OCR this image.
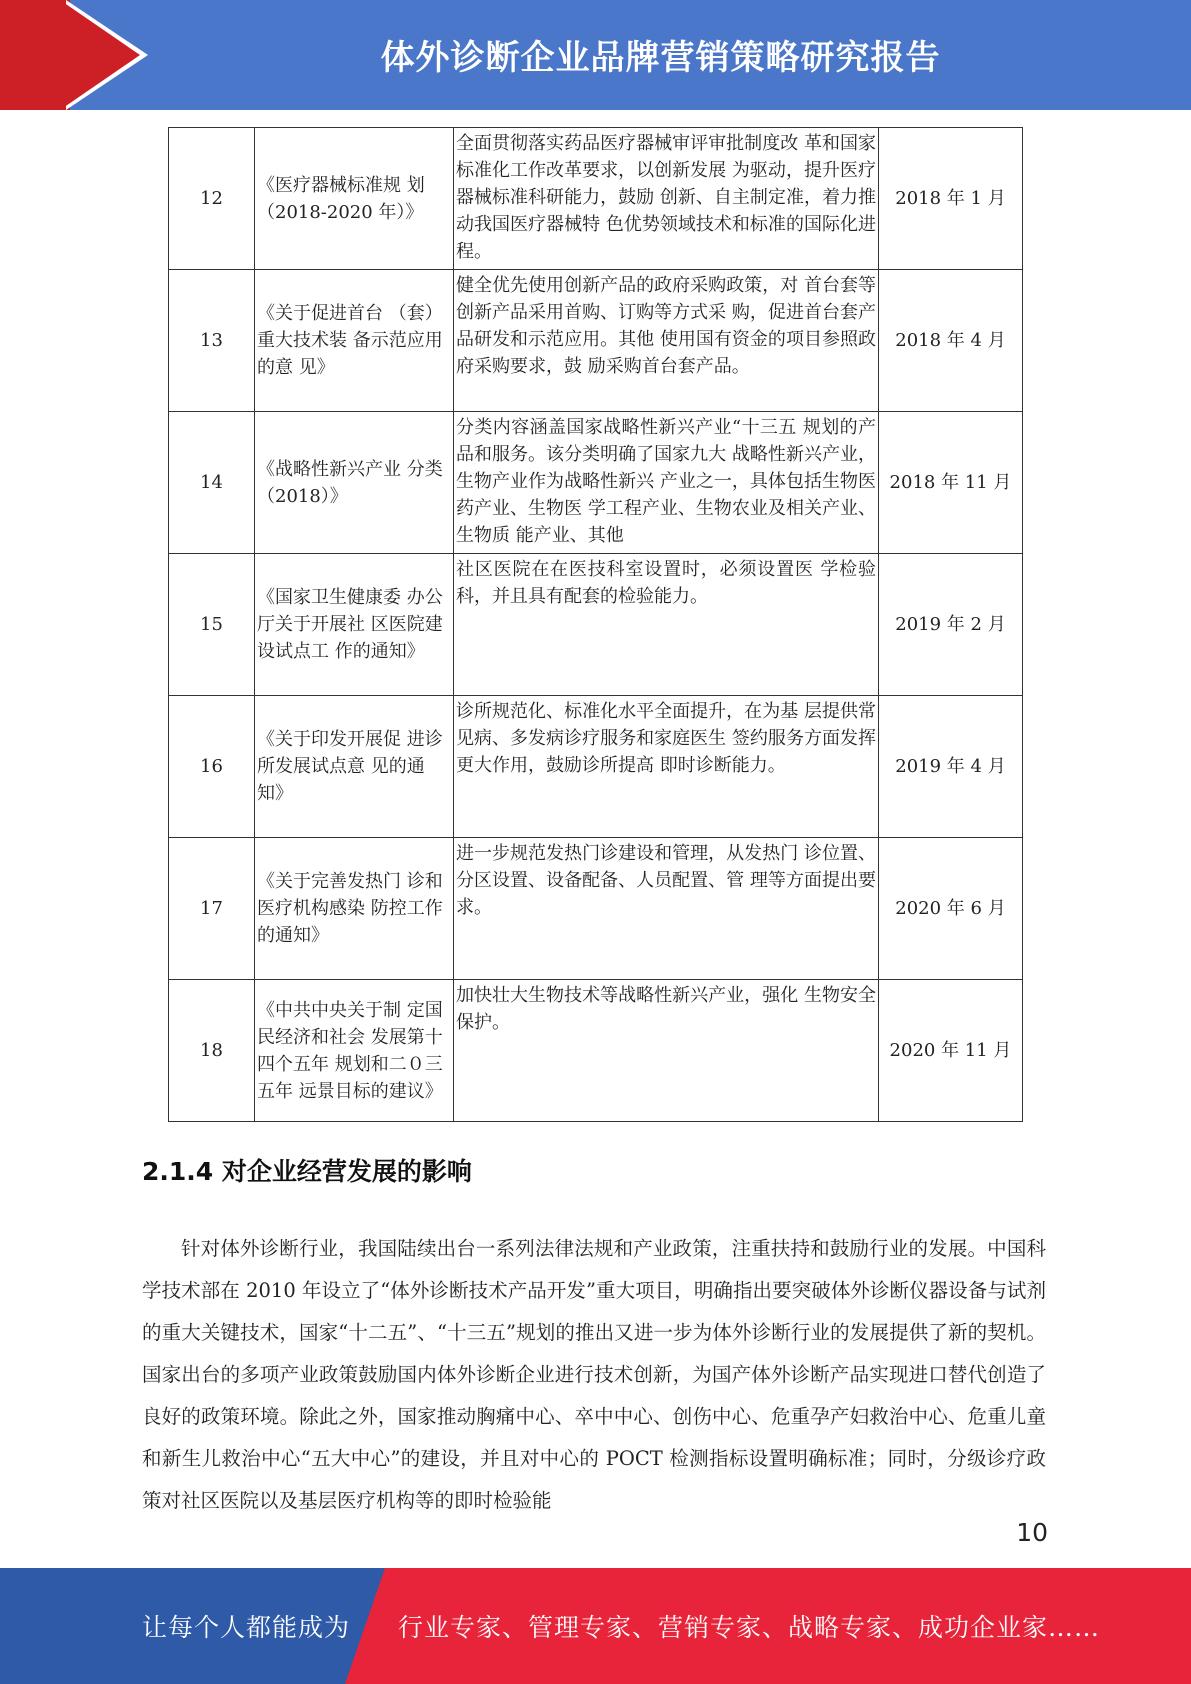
体外诊断企业品牌营销策略研究报告
12	《医疗器械标准规 划（2018-2020 年）》	全面贯彻落实药品医疗器械审评审批制度改 革和国家标准化工作改革要求，以创新发展 为驱动，提升医疗器械标准科研能力，鼓励 创新、自主制定准，着力推动我国医疗器械特 色优势领域技术和标准的国际化进程。	2018 年 1 月
13	《关于促进首台 （套）重大技术装 备示范应用的意 见》	健全优先使用创新产品的政府采购政策，对 首台套等创新产品采用首购、订购等方式采 购，促进首台套产品研发和示范应用。其他 使用国有资金的项目参照政府采购要求，鼓 励采购首台套产品。	2018 年 4 月
14	《战略性新兴产业 分类（2018）》	分类内容涵盖国家战略性新兴产业“十三五 规划的产品和服务。该分类明确了国家九大 战略性新兴产业，生物产业作为战略性新兴 产业之一，具体包括生物医药产业、生物医 学工程产业、生物农业及相关产业、生物质 能产业、其他	2018 年 11 月
15	《国家卫生健康委 办公厅关于开展社 区医院建设试点工 作的通知》	社区医院在在医技科室设置时，必须设置医 学检验科，并且具有配套的检验能力。	2019 年 2 月
16	《关于印发开展促 进诊所发展试点意 见的通知》	诊所规范化、标准化水平全面提升，在为基 层提供常见病、多发病诊疗服务和家庭医生 签约服务方面发挥更大作用，鼓励诊所提高 即时诊断能力。	2019 年 4 月
17	《关于完善发热门 诊和医疗机构感染 防控工作的通知》	进一步规范发热门诊建设和管理，从发热门 诊位置、分区设置、设备配备、人员配置、管 理等方面提出要求。	2020 年 6 月
18	《中共中央关于制 定国民经济和社会 发展第十四个五年 规划和二０三五年 远景目标的建议》	加快壮大生物技术等战略性新兴产业，强化 生物安全保护。	2020 年 11 月
2.1.4 对企业经营发展的影响

针对体外诊断行业，我国陆续出台一系列法律法规和产业政策，注重扶持和鼓励行业的发展。中国科学技术部在 2010 年设立了“体外诊断技术产品开发”重大项目，明确指出要突破体外诊断仪器设备与试剂的重大关键技术，国家“十二五”、“十三五”规划的推出又进一步为体外诊断行业的发展提供了新的契机。国家出台的多项产业政策鼓励国内体外诊断企业进行技术创新，为国产体外诊断产品实现进口替代创造了良好的政策环境。除此之外，国家推动胸痛中心、卒中中心、创伤中心、危重孕产妇救治中心、危重儿童和新生儿救治中心“五大中心”的建设，并且对中心的 POCT 检测指标设置明确标准；同时，分级诊疗政策对社区医院以及基层医疗机构等的即时检验能

10
让每个人都能成为 行业专家、管理专家、营销专家、战略专家、成功企业家……
